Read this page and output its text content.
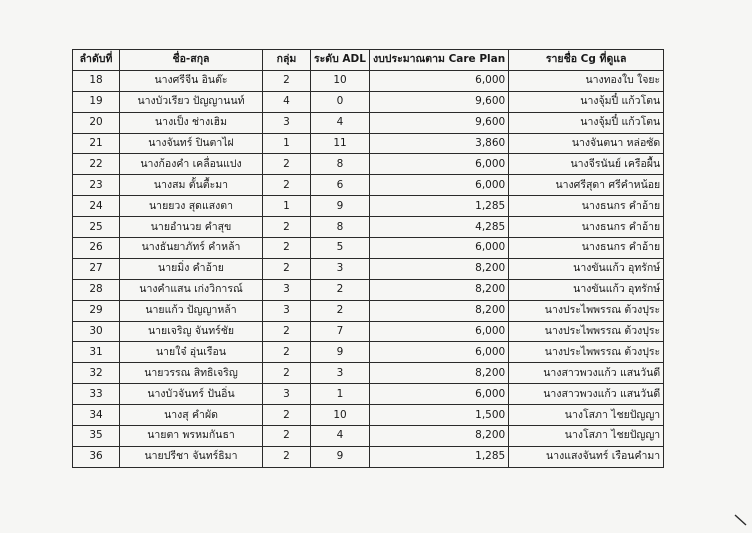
ลำดับที่	ชื่อ-สกุล	กลุ่ม	ระดับ ADL	งบประมาณตาม Care Plan	รายชื่อ Cg ที่ดูแล
18	นางศรีจีน อินต๊ะ	2	10	6,000	นางทองใบ ใจยะ
19	นางบัวเรียว ปัญญานนท์	4	0	9,600	นางจุ้มปี๋ แก้วโตน
20	นางเป็ง ช่างเฮิม	3	4	9,600	นางจุ้มปี๋ แก้วโตน
21	นางจันทร์ ปินตาไฝ	1	11	3,860	นางจันตนา หล่อซัด
22	นางก้องคำ เคลื่อนแปง	2	8	6,000	นางจีรนันย์ เครือผื้น
23	นางสม ตั้นตื้ะมา	2	6	6,000	นางศรีสุดา ศรีคำหน้อย
24	นายยวง สุดแสงตา	1	9	1,285	นางธนกร คำอ้าย
25	นายอำนวย คำสุข	2	8	4,285	นางธนกร คำอ้าย
26	นางธันยาภัทร์ คำหล้า	2	5	6,000	นางธนกร คำอ้าย
27	นายมิ่ง คำอ้าย	2	3	8,200	นางขันแก้ว อุทรักษ์
28	นางคำแสน เก่งวิการณ์	3	2	8,200	นางขันแก้ว อุทรักษ์
29	นายแก้ว ปัญญาหล้า	3	2	8,200	นางประไพพรรณ ต้วงปุระ
30	นายเจริญ จันทร์ชัย	2	7	6,000	นางประไพพรรณ ต้วงปุระ
31	นายใจ๋ อุ่นเรือน	2	9	6,000	นางประไพพรรณ ต้วงปุระ
32	นายวรรณ สิทธิเจริญ	2	3	8,200	นางสาวพวงแก้ว แสนวันดี
33	นางบัวจันทร์ ปันอิ่น	3	1	6,000	นางสาวพวงแก้ว แสนวันดี
34	นางสุ คำผัด	2	10	1,500	นางโสภา ไชยปัญญา
35	นายตา พรหมกันธา	2	4	8,200	นางโสภา ไชยปัญญา
36	นายปรีชา จันทร์ธิมา	2	9	1,285	นางแสงจันทร์ เรือนคำมา
